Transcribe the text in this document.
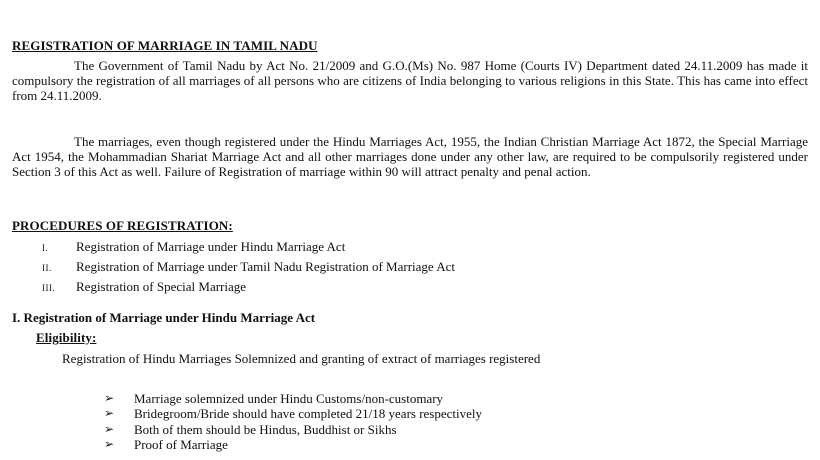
REGISTRATION OF MARRIAGE IN TAMIL NADU
The Government of Tamil Nadu by Act No. 21/2009 and G.O.(Ms) No. 987 Home (Courts IV) Department dated 24.11.2009 has made it compulsory the registration of all marriages of all persons who are citizens of India belonging to various religions in this State. This has came into effect from 24.11.2009.
The marriages, even though registered under the Hindu Marriages Act, 1955, the Indian Christian Marriage Act 1872, the Special Marriage Act 1954, the Mohammadian Shariat Marriage Act and all other marriages done under any other law, are required to be compulsorily registered under Section 3 of this Act as well. Failure of Registration of marriage within 90 will attract penalty and penal action.
PROCEDURES OF REGISTRATION:
I. Registration of Marriage under Hindu Marriage Act
II. Registration of Marriage under Tamil Nadu Registration of Marriage Act
III. Registration of Special Marriage
I. Registration of Marriage under Hindu Marriage Act
Eligibility:
Registration of Hindu Marriages Solemnized and granting of extract of marriages registered
➢ Marriage solemnized under Hindu Customs/non-customary
➢ Bridegroom/Bride should have completed 21/18 years respectively
➢ Both of them should be Hindus, Buddhist or Sikhs
➢ Proof of Marriage
